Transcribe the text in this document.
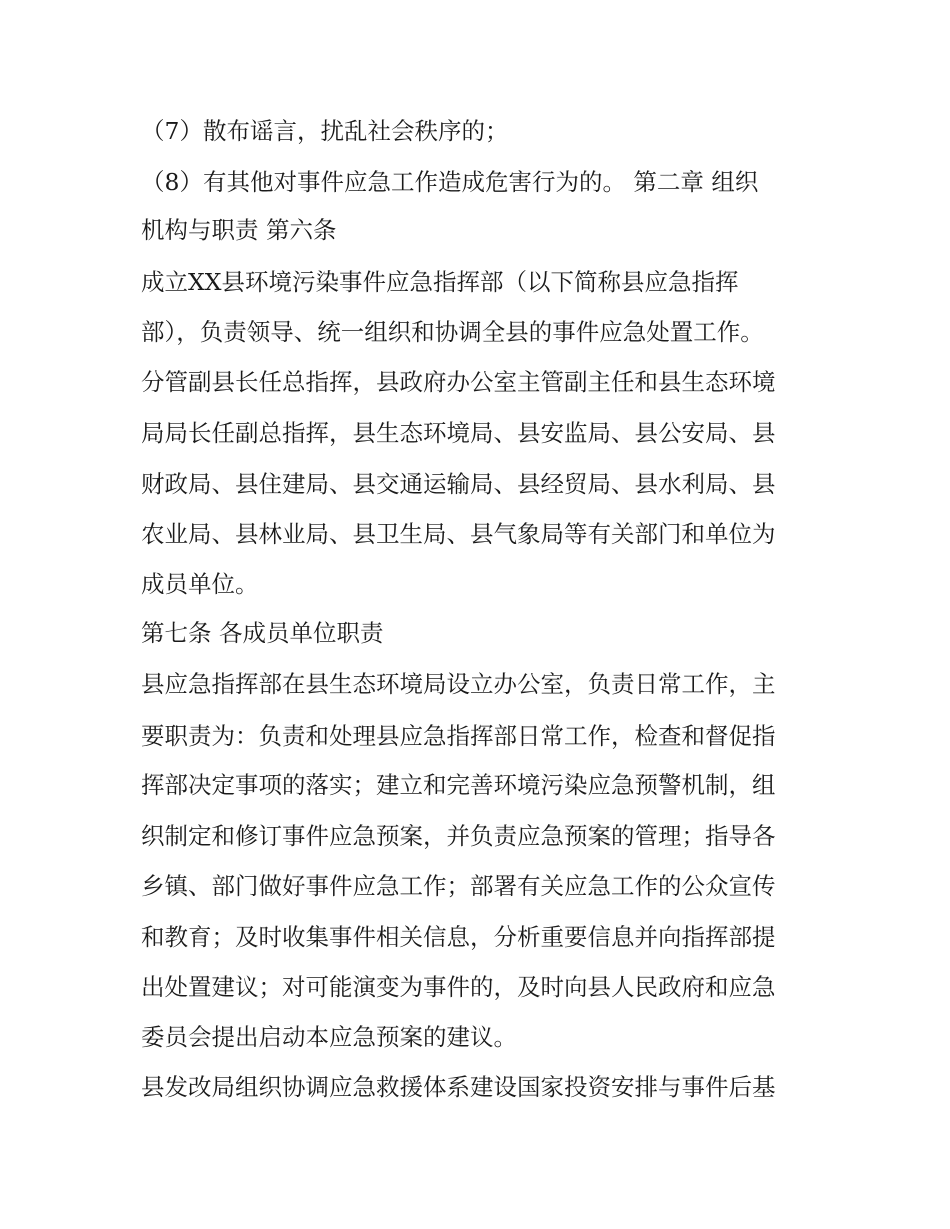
（7）散布谣言，扰乱社会秩序的；
（8）有其他对事件应急工作造成危害行为的。 第二章 组织
机构与职责 第六条
成立XX县环境污染事件应急指挥部（以下简称县应急指挥
部），负责领导、统一组织和协调全县的事件应急处置工作。
分管副县长任总指挥，县政府办公室主管副主任和县生态环境
局局长任副总指挥，县生态环境局、县安监局、县公安局、县
财政局、县住建局、县交通运输局、县经贸局、县水利局、县
农业局、县林业局、县卫生局、县气象局等有关部门和单位为
成员单位。
第七条 各成员单位职责
县应急指挥部在县生态环境局设立办公室，负责日常工作，主
要职责为：负责和处理县应急指挥部日常工作，检查和督促指
挥部决定事项的落实；建立和完善环境污染应急预警机制，组
织制定和修订事件应急预案，并负责应急预案的管理；指导各
乡镇、部门做好事件应急工作；部署有关应急工作的公众宣传
和教育；及时收集事件相关信息，分析重要信息并向指挥部提
出处置建议；对可能演变为事件的，及时向县人民政府和应急
委员会提出启动本应急预案的建议。
县发改局组织协调应急救援体系建设国家投资安排与事件后基
